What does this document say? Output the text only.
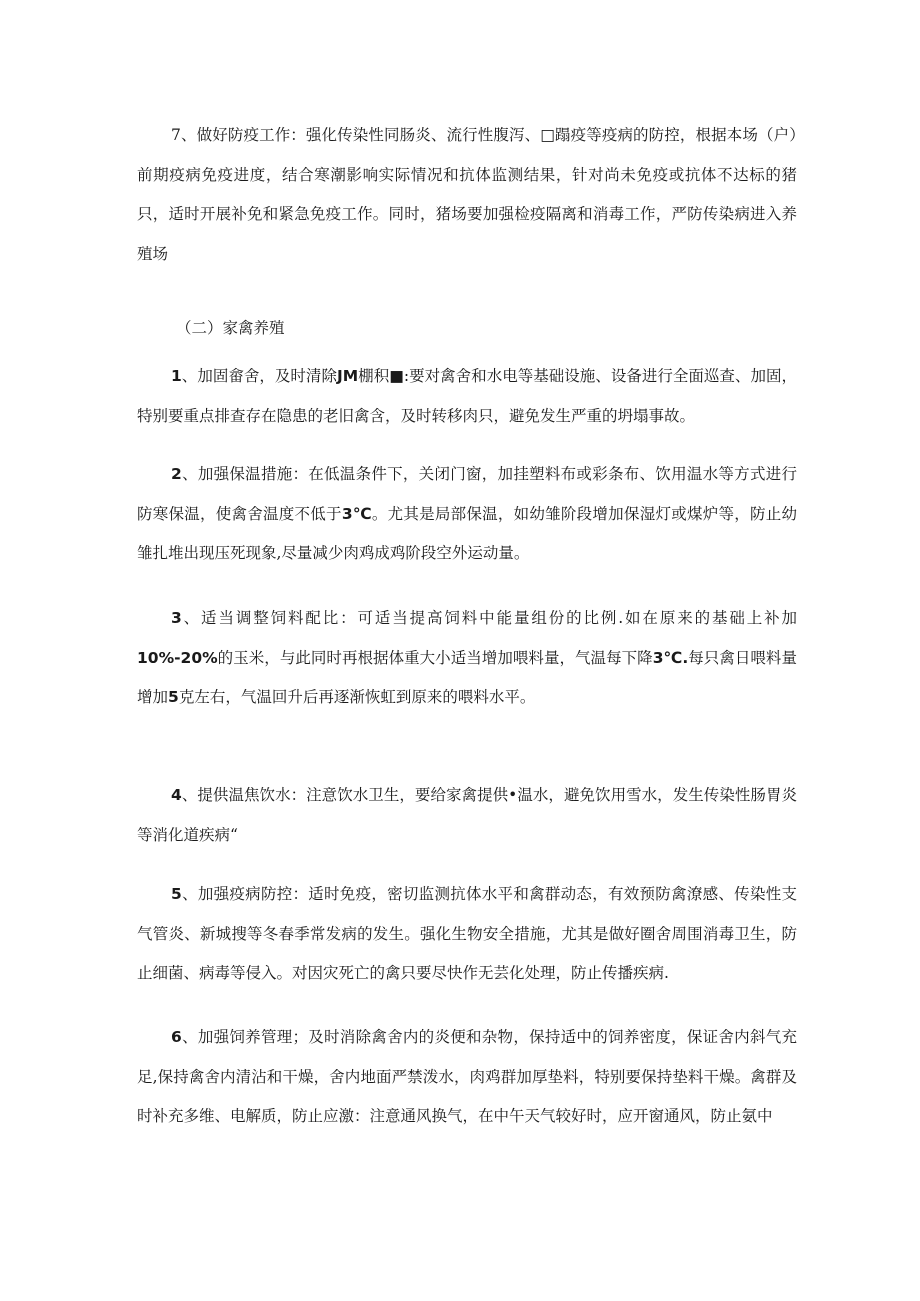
7、做好防疫工作：强化传染性同肠炎、流行性腹泻、□蹋疫等疫病的防控，根据本场（户）前期疫病免疫进度，结合寒潮影响实际情况和抗体监测结果，针对尚未免疫或抗体不达标的猪只，适时开展补免和紧急免疫工作。同时，猪场要加强检疫隔离和消毒工作，严防传染病进入养殖场

（二）家禽养殖

1、加固畲舍，及时清除JM棚积■:要对禽舍和水电等基础设施、设备进行全面巡查、加固，特别要重点排查存在隐患的老旧禽含，及时转移肉只，避免发生严重的坍塌事故。

2、加强保温措施：在低温条件下，关闭门窗，加挂塑料布或彩条布、饮用温水等方式进行防寒保温，使禽舍温度不低于3℃。尤其是局部保温，如幼雏阶段增加保湿灯或煤炉等，防止幼雏扎堆出现压死现象,尽量减少肉鸡成鸡阶段空外运动量。

3、适当调整饲料配比：可适当提高饲料中能量组份的比例.如在原来的基础上补加10%-20%的玉米，与此同时再根据体重大小适当增加喂料量，气温每下降3℃.每只禽日喂料量增加5克左右，气温回升后再逐渐恢虹到原来的喂料水平。

4、提供温焦饮水：注意饮水卫生，要给家禽提供•温水，避免饮用雪水，发生传染性肠胃炎等消化道疾病“

5、加强疫病防控：适时免疫，密切监测抗体水平和禽群动态，有效预防禽潦感、传染性支气管炎、新城搜等冬春季常发病的发生。强化生物安全措施，尤其是做好圈舍周围消毒卫生，防止细菌、病毒等侵入。对因灾死亡的禽只要尽快作无芸化处理，防止传播疾病.

6、加强饲养管理；及时消除禽舍内的炎便和杂物，保持适中的饲养密度，保证舍内斜气充足,保持禽舍内清沾和干燥，舍内地面严禁泼水，肉鸡群加厚垫料，特别要保持垫料干燥。禽群及时补充多维、电解质，防止应激：注意通风换气，在中午天气较好时，应开窗通风，防止氨中
